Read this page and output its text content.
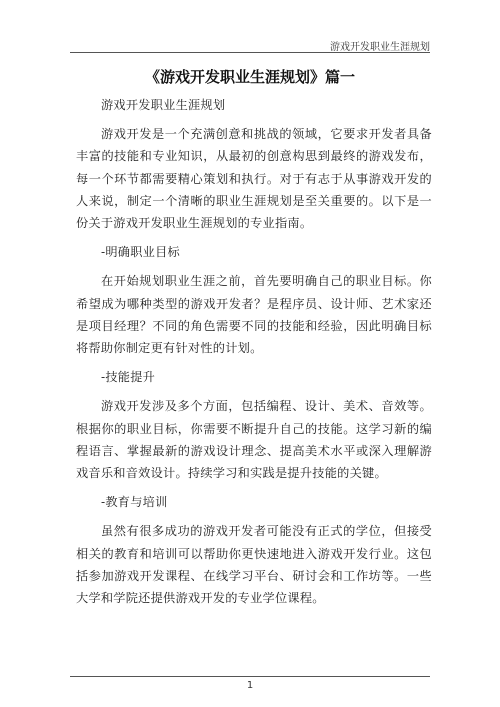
游戏开发职业生涯规划
《游戏开发职业生涯规划》篇一

游戏开发职业生涯规划

游戏开发是一个充满创意和挑战的领域，它要求开发者具备丰富的技能和专业知识，从最初的创意构思到最终的游戏发布，每一个环节都需要精心策划和执行。对于有志于从事游戏开发的人来说，制定一个清晰的职业生涯规划是至关重要的。以下是一份关于游戏开发职业生涯规划的专业指南。

-明确职业目标

在开始规划职业生涯之前，首先要明确自己的职业目标。你希望成为哪种类型的游戏开发者？是程序员、设计师、艺术家还是项目经理？不同的角色需要不同的技能和经验，因此明确目标将帮助你制定更有针对性的计划。

-技能提升

游戏开发涉及多个方面，包括编程、设计、美术、音效等。根据你的职业目标，你需要不断提升自己的技能。这学习新的编程语言、掌握最新的游戏设计理念、提高美术水平或深入理解游戏音乐和音效设计。持续学习和实践是提升技能的关键。

-教育与培训

虽然有很多成功的游戏开发者可能没有正式的学位，但接受相关的教育和培训可以帮助你更快速地进入游戏开发行业。这包括参加游戏开发课程、在线学习平台、研讨会和工作坊等。一些大学和学院还提供游戏开发的专业学位课程。

1
